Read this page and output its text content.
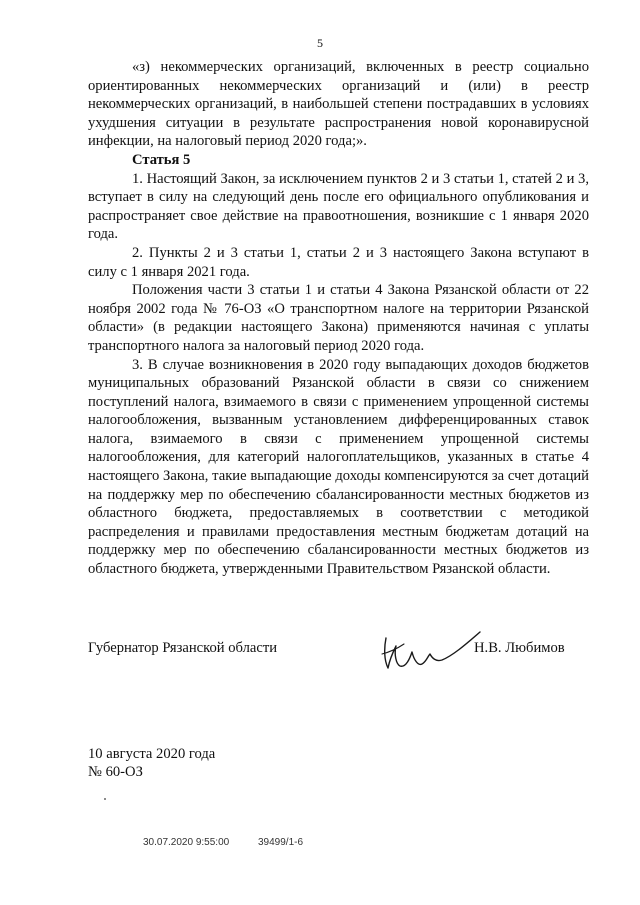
5

«з) некоммерческих организаций, включенных в реестр социально ориентированных некоммерческих организаций и (или) в реестр некоммерческих организаций, в наибольшей степени пострадавших в условиях ухудшения ситуации в результате распространения новой коронавирусной инфекции, на налоговый период 2020 года;».

Статья 5

1. Настоящий Закон, за исключением пунктов 2 и 3 статьи 1, статей 2 и 3, вступает в силу на следующий день после его официального опубликования и распространяет свое действие на правоотношения, возникшие с 1 января 2020 года.

2. Пункты 2 и 3 статьи 1, статьи 2 и 3 настоящего Закона вступают в силу с 1 января 2021 года.

Положения части 3 статьи 1 и статьи 4 Закона Рязанской области от 22 ноября 2002 года № 76-ОЗ «О транспортном налоге на территории Рязанской области» (в редакции настоящего Закона) применяются начиная с уплаты транспортного налога за налоговый период 2020 года.

3. В случае возникновения в 2020 году выпадающих доходов бюджетов муниципальных образований Рязанской области в связи со снижением поступлений налога, взимаемого в связи с применением упрощенной системы налогообложения, вызванным установлением дифференцированных ставок налога, взимаемого в связи с применением упрощенной системы налогообложения, для категорий налогоплательщиков, указанных в статье 4 настоящего Закона, такие выпадающие доходы компенсируются за счет дотаций на поддержку мер по обеспечению сбалансированности местных бюджетов из областного бюджета, предоставляемых в соответствии с методикой распределения и правилами предоставления местным бюджетам дотаций на поддержку мер по обеспечению сбалансированности местных бюджетов из областного бюджета, утвержденными Правительством Рязанской области.

Губернатор Рязанской области	Н.В. Любимов
10 августа 2020 года
№ 60-ОЗ
30.07.2020 9:55:00	39499/1-6
